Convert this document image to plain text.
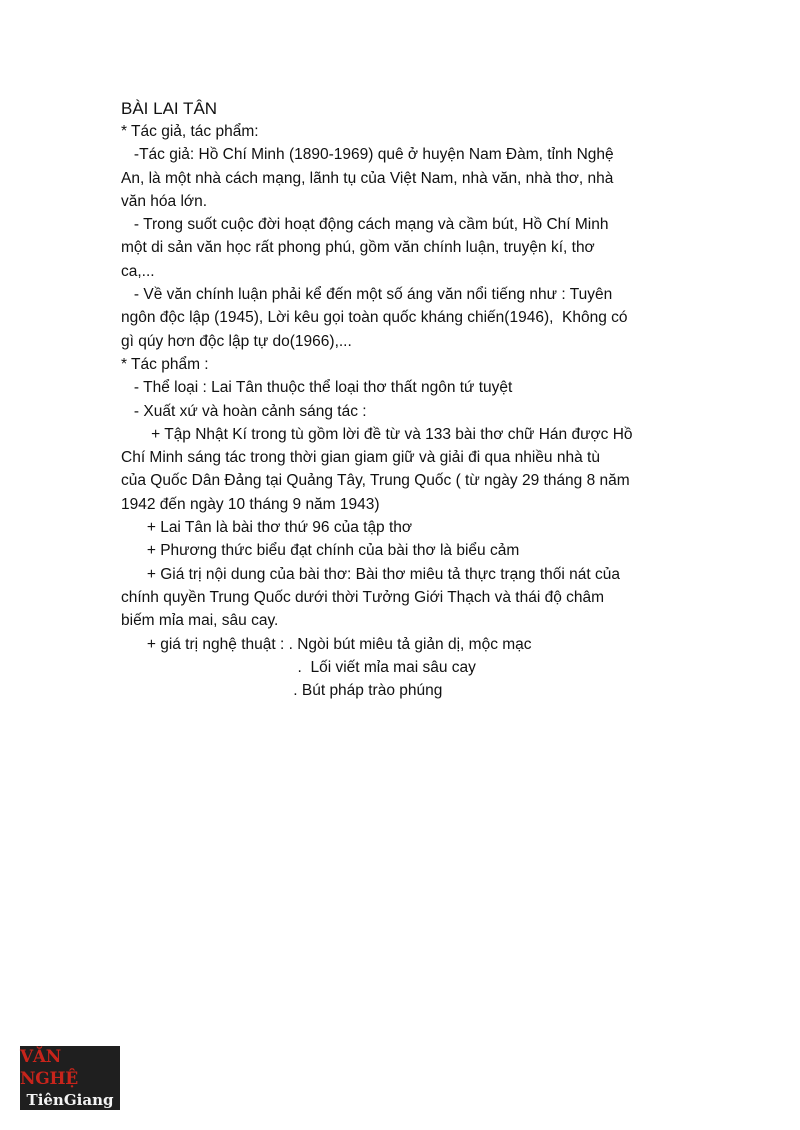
BÀI LAI TÂN

* Tác giả, tác phẩm:

-Tác giả: Hồ Chí Minh (1890-1969) quê ở huyện Nam Đàm, tỉnh Nghệ

An, là một nhà cách mạng, lãnh tụ của Việt Nam, nhà văn, nhà thơ, nhà

văn hóa lớn.

- Trong suốt cuộc đời hoạt động cách mạng và cầm bút, Hồ Chí Minh

một di sản văn học rất phong phú, gồm văn chính luận, truyện kí, thơ

ca,...

- Về văn chính luận phải kể đến một số áng văn nổi tiếng như : Tuyên

ngôn độc lập (1945), Lời kêu gọi toàn quốc kháng chiến(1946),  Không có

gì qúy hơn độc lập tự do(1966),...

* Tác phẩm :

- Thể loại : Lai Tân thuộc thể loại thơ thất ngôn tứ tuyệt

- Xuất xứ và hoàn cảnh sáng tác :

+ Tập Nhật Kí trong tù gồm lời đề từ và 133 bài thơ chữ Hán được Hồ

Chí Minh sáng tác trong thời gian giam giữ và giải đi qua nhiều nhà tù

của Quốc Dân Đảng tại Quảng Tây, Trung Quốc ( từ ngày 29 tháng 8 năm

1942 đến ngày 10 tháng 9 năm 1943)

+ Lai Tân là bài thơ thứ 96 của tập thơ

+ Phương thức biểu đạt chính của bài thơ là biểu cảm

+ Giá trị nội dung của bài thơ: Bài thơ miêu tả thực trạng thối nát của

chính quyền Trung Quốc dưới thời Tưởng Giới Thạch và thái độ châm

biếm mỉa mai, sâu cay.

+ giá trị nghệ thuật : . Ngòi bút miêu tả giản dị, mộc mạc

.  Lối viết mỉa mai sâu cay

. Bút pháp trào phúng

VĂN NGHỆ
TiênGiang
